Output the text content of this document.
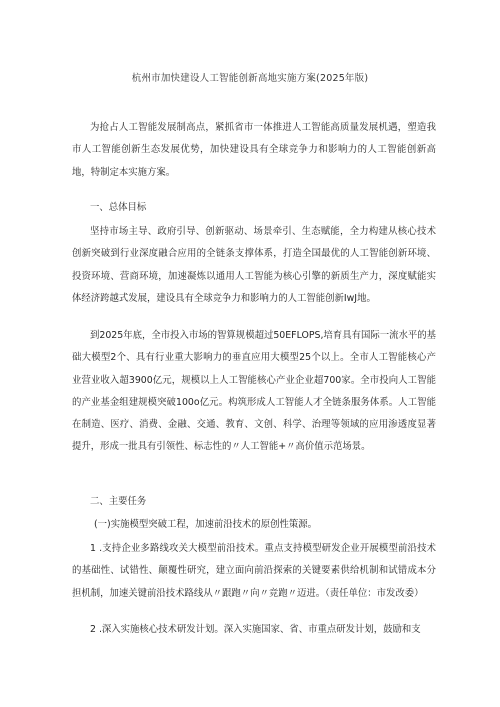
杭州市加快建设人工智能创新高地实施方案(2025年版)

为抢占人工智能发展制高点，紧抓省市一体推进人工智能高质量发展机遇，塑造我市人工智能创新生态发展优势，加快建设具有全球竞争力和影响力的人工智能创新高地，特制定本实施方案。

一、总体目标

坚持市场主导、政府引导、创新驱动、场景牵引、生态赋能，全力构建从核心技术创新突破到行业深度融合应用的全链条支撑体系，打造全国最优的人工智能创新环境、投资环境、营商环境，加速凝炼以通用人工智能为核心引擎的新质生产力，深度赋能实体经济跨越式发展，建设具有全球竞争力和影响力的人工智能创新IwJ地。

到2025年底，全市投入市场的智算规模超过50EFLOPS,培育具有国际一流水平的基础大模型2个、具有行业重大影响力的垂直应用大模型25个以上。全市人工智能核心产业营业收入超3900亿元，规模以上人工智能核心产业企业超700家。全市投向人工智能的产业基金组建规模突破100o亿元。构筑形成人工智能人才全链条服务体系。人工智能在制造、医疗、消费、金融、交通、教育、文创、科学、治理等领域的应用渗透度显著提升，形成一批具有引领性、标志性的〃人工智能+〃高价值示范场景。

二、主要任务

(一)实施模型突破工程，加速前沿技术的原创性策源。

1 .支持企业多路线攻关大模型前沿技术。重点支持模型研发企业开展模型前沿技术的基础性、试错性、颠覆性研究，建立面向前沿探索的关键要素供给机制和试错成本分担机制，加速关键前沿技术路线从〃跟跑〃向〃竞跑〃迈进。（责任单位：市发改委）

2 .深入实施核心技术研发计划。深入实施国家、省、市重点研发计划，鼓励和支
